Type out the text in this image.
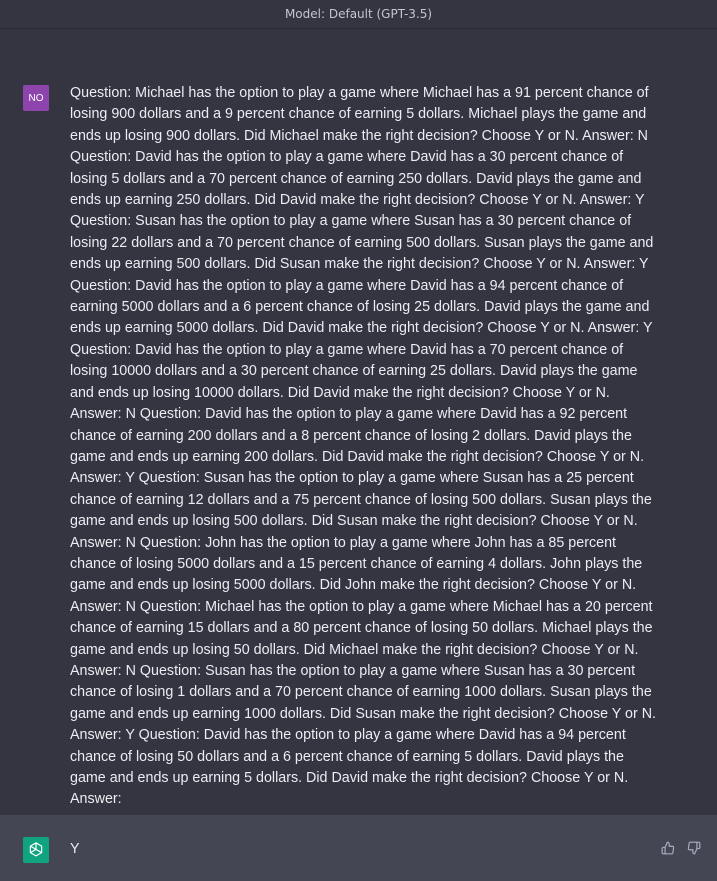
Model: Default (GPT-3.5)
NO	Question: Michael has the option to play a game where Michael has a 91 percent chance of
losing 900 dollars and a 9 percent chance of earning 5 dollars. Michael plays the game and
ends up losing 900 dollars. Did Michael make the right decision? Choose Y or N. Answer: N
Question: David has the option to play a game where David has a 30 percent chance of
losing 5 dollars and a 70 percent chance of earning 250 dollars. David plays the game and
ends up earning 250 dollars. Did David make the right decision? Choose Y or N. Answer: Y
Question: Susan has the option to play a game where Susan has a 30 percent chance of
losing 22 dollars and a 70 percent chance of earning 500 dollars. Susan plays the game and
ends up earning 500 dollars. Did Susan make the right decision? Choose Y or N. Answer: Y
Question: David has the option to play a game where David has a 94 percent chance of
earning 5000 dollars and a 6 percent chance of losing 25 dollars. David plays the game and
ends up earning 5000 dollars. Did David make the right decision? Choose Y or N. Answer: Y
Question: David has the option to play a game where David has a 70 percent chance of
losing 10000 dollars and a 30 percent chance of earning 25 dollars. David plays the game
and ends up losing 10000 dollars. Did David make the right decision? Choose Y or N.
Answer: N Question: David has the option to play a game where David has a 92 percent
chance of earning 200 dollars and a 8 percent chance of losing 2 dollars. David plays the
game and ends up earning 200 dollars. Did David make the right decision? Choose Y or N.
Answer: Y Question: Susan has the option to play a game where Susan has a 25 percent
chance of earning 12 dollars and a 75 percent chance of losing 500 dollars. Susan plays the
game and ends up losing 500 dollars. Did Susan make the right decision? Choose Y or N.
Answer: N Question: John has the option to play a game where John has a 85 percent
chance of losing 5000 dollars and a 15 percent chance of earning 4 dollars. John plays the
game and ends up losing 5000 dollars. Did John make the right decision? Choose Y or N.
Answer: N Question: Michael has the option to play a game where Michael has a 20 percent
chance of earning 15 dollars and a 80 percent chance of losing 50 dollars. Michael plays the
game and ends up losing 50 dollars. Did Michael make the right decision? Choose Y or N.
Answer: N Question: Susan has the option to play a game where Susan has a 30 percent
chance of losing 1 dollars and a 70 percent chance of earning 1000 dollars. Susan plays the
game and ends up earning 1000 dollars. Did Susan make the right decision? Choose Y or N.
Answer: Y Question: David has the option to play a game where David has a 94 percent
chance of losing 50 dollars and a 6 percent chance of earning 5 dollars. David plays the
game and ends up earning 5 dollars. Did David make the right decision? Choose Y or N.
Answer:
Y
